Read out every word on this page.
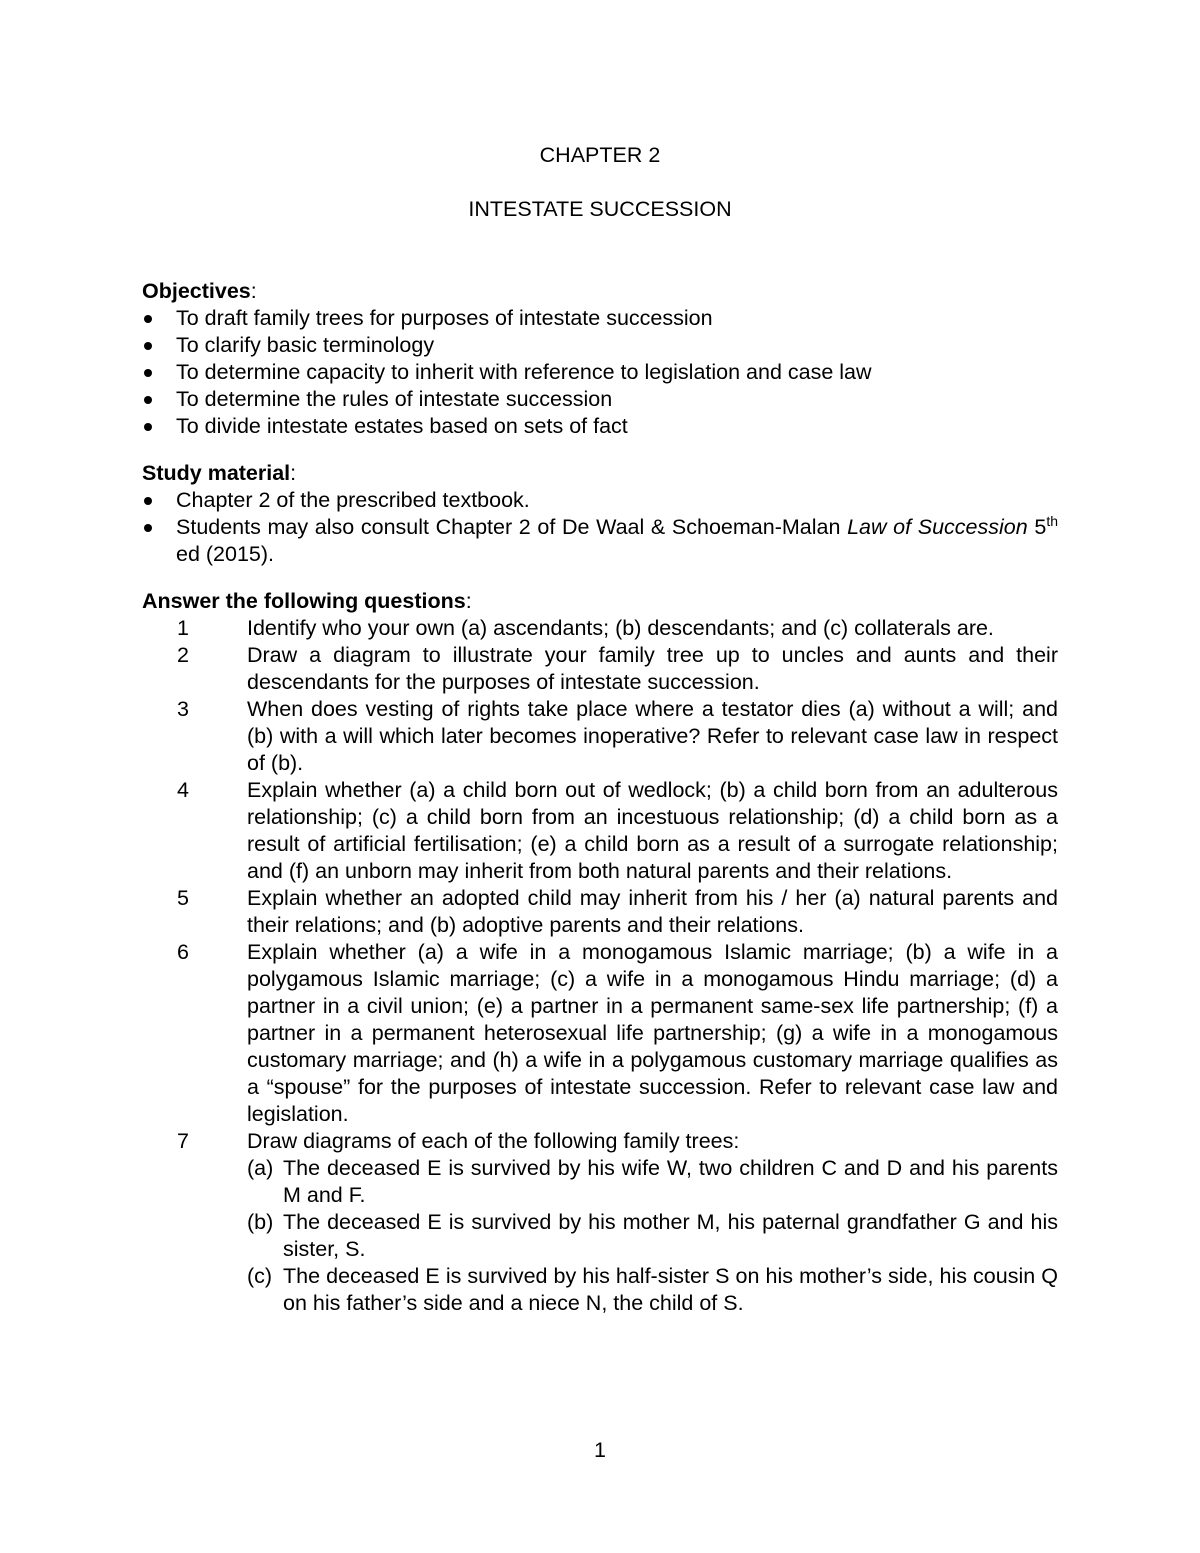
CHAPTER 2
INTESTATE SUCCESSION

Objectives:

To draft family trees for purposes of intestate succession
To clarify basic terminology
To determine capacity to inherit with reference to legislation and case law
To determine the rules of intestate succession
To divide intestate estates based on sets of fact

Study material:

Chapter 2 of the prescribed textbook.
Students may also consult Chapter 2 of De Waal & Schoeman-Malan Law of Succession 5th ed (2015).

Answer the following questions:

1	Identify who your own (a) ascendants; (b) descendants; and (c) collaterals are.
2	Draw a diagram to illustrate your family tree up to uncles and aunts and their descendants for the purposes of intestate succession.
3	When does vesting of rights take place where a testator dies (a) without a will; and (b) with a will which later becomes inoperative? Refer to relevant case law in respect of (b).
4	Explain whether (a) a child born out of wedlock; (b) a child born from an adulterous relationship; (c) a child born from an incestuous relationship; (d) a child born as a result of artificial fertilisation; (e) a child born as a result of a surrogate relationship; and (f) an unborn may inherit from both natural parents and their relations.
5	Explain whether an adopted child may inherit from his / her (a) natural parents and their relations; and (b) adoptive parents and their relations.
6	Explain whether (a) a wife in a monogamous Islamic marriage; (b) a wife in a polygamous Islamic marriage; (c) a wife in a monogamous Hindu marriage; (d) a partner in a civil union; (e) a partner in a permanent same-sex life partnership; (f) a partner in a permanent heterosexual life partnership; (g) a wife in a monogamous customary marriage; and (h) a wife in a polygamous customary marriage qualifies as a “spouse” for the purposes of intestate succession. Refer to relevant case law and legislation.
7	Draw diagrams of each of the following family trees:
(a) The deceased E is survived by his wife W, two children C and D and his parents M and F.
(b) The deceased E is survived by his mother M, his paternal grandfather G and his sister, S.
(c) The deceased E is survived by his half-sister S on his mother’s side, his cousin Q on his father’s side and a niece N, the child of S.
1
